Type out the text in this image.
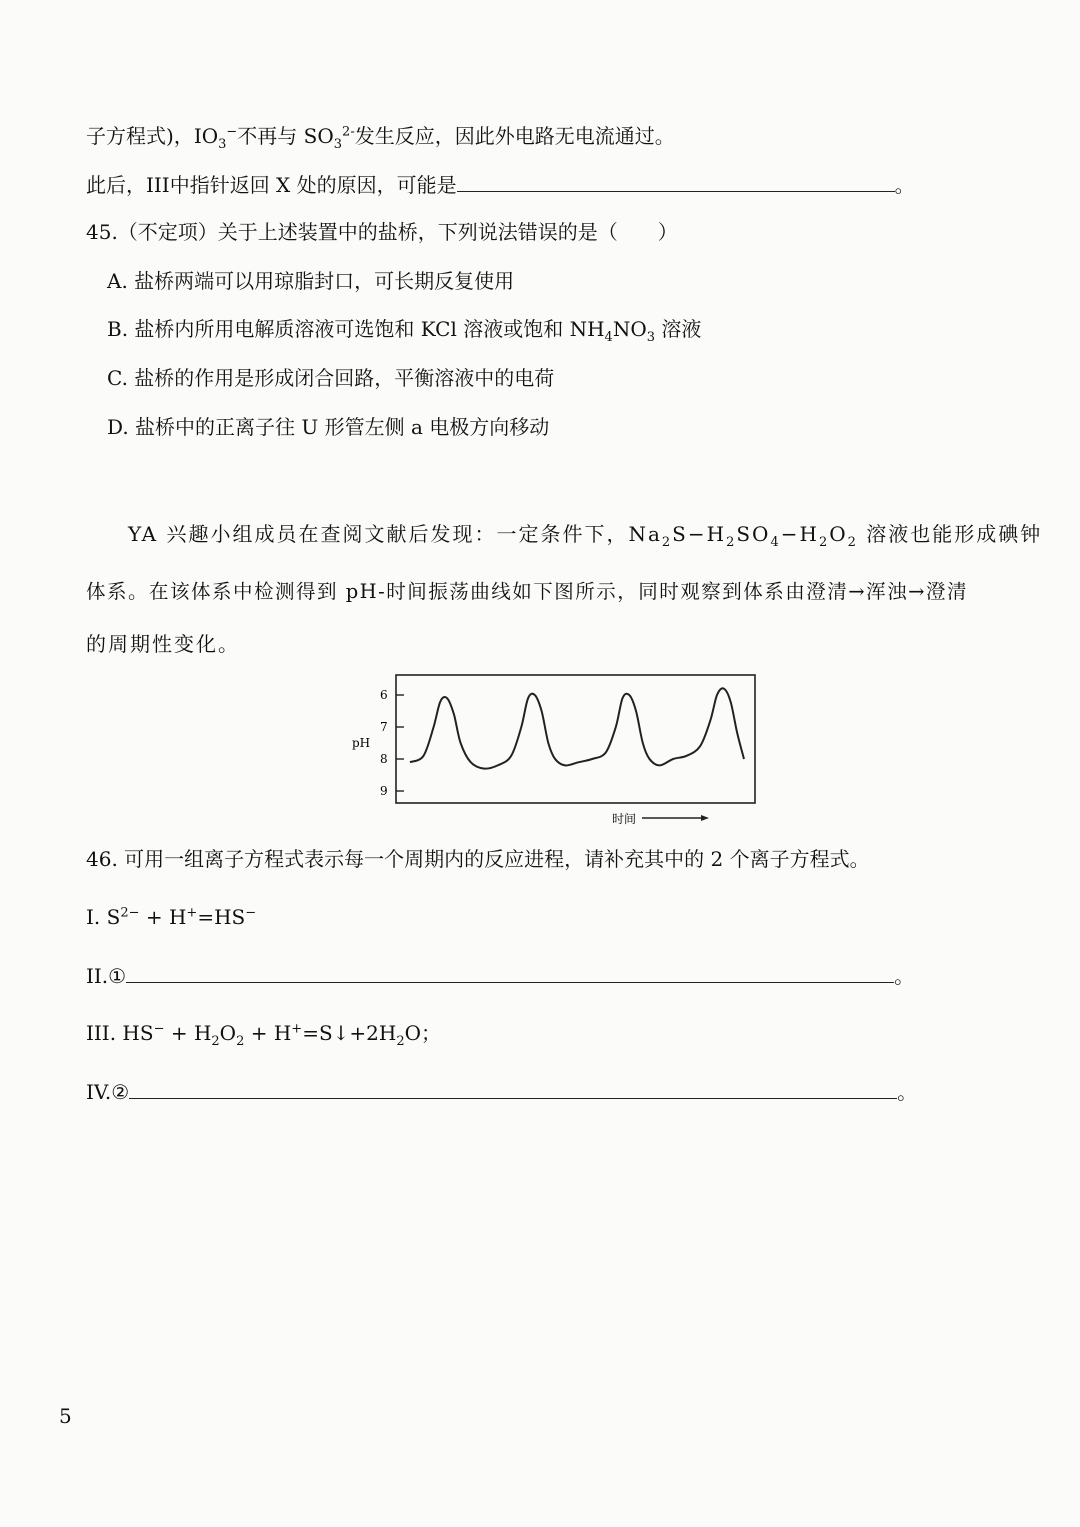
子方程式)，$IO_3^-$不再与 $SO_3^{2-}$发生反应，因此外电路无电流通过。
此后，III中指针返回 X 处的原因，可能是	。
45.（不定项）关于上述装置中的盐桥，下列说法错误的是（　　）
A. 盐桥两端可以用琼脂封口，可长期反复使用
B. 盐桥内所用电解质溶液可选饱和 KCl 溶液或饱和 $NH_4NO_3$ 溶液
C. 盐桥的作用是形成闭合回路，平衡溶液中的电荷
D. 盐桥中的正离子往 U 形管左侧 a 电极方向移动
YA 兴趣小组成员在查阅文献后发现：一定条件下，$Na_2S-H_2SO_4-H_2O_2$ 溶液也能形成碘钟
体系。在该体系中检测得到 pH-时间振荡曲线如下图所示，同时观察到体系由澄清→浑浊→澄清
的周期性变化。
6
7
8
9
pH
时间
46. 可用一组离子方程式表示每一个周期内的反应进程，请补充其中的 2 个离子方程式。
I. $S^{2-} + H^+=HS^-$
II.①	。
III. $HS^- + H_2O_2$ + $H^+=S↓+2H_2O$；
IV.②	。
5
